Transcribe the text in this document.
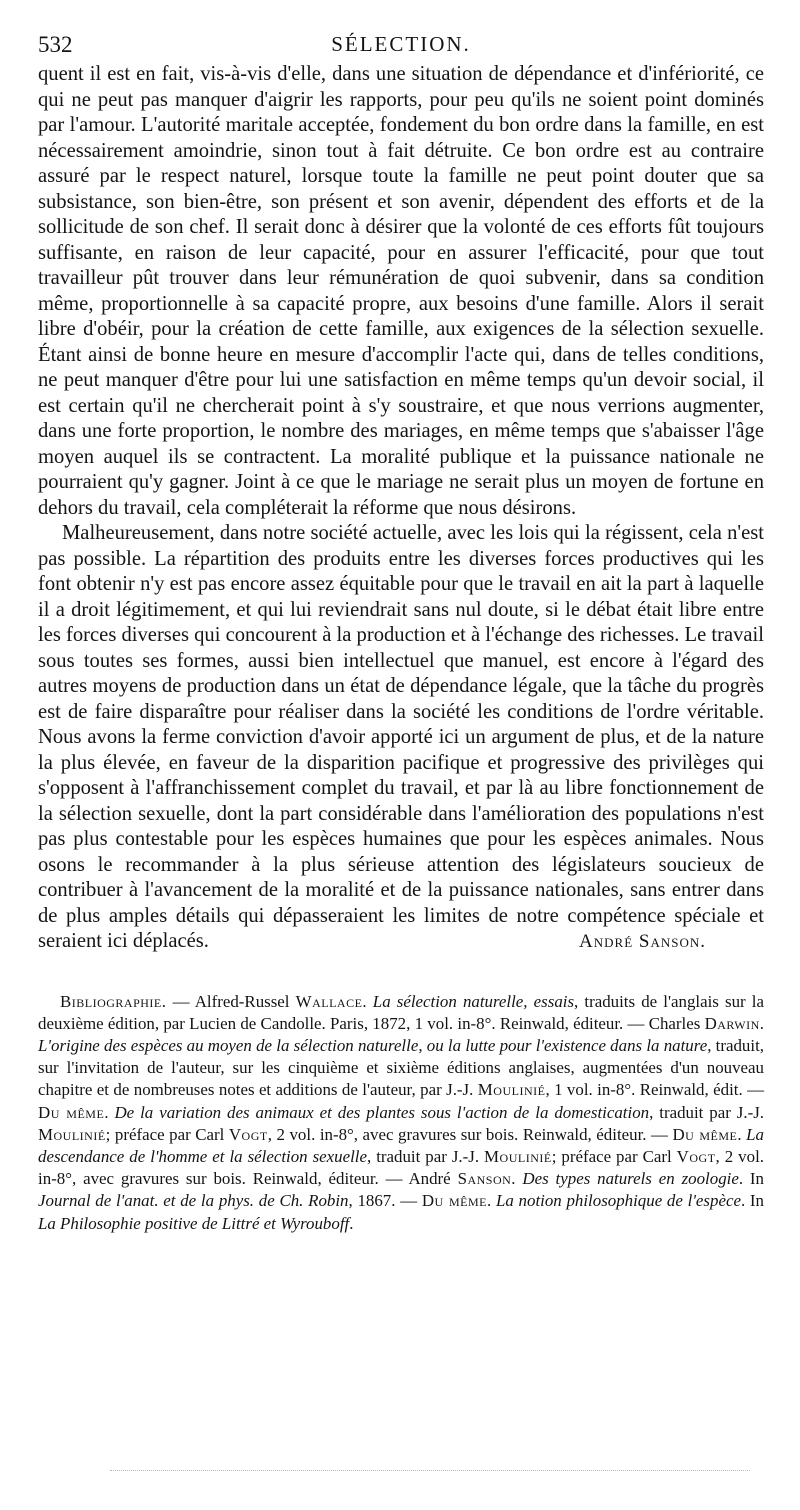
532	SÉLECTION.

quent il est en fait, vis-à-vis d'elle, dans une situation de dépendance et d'infériorité, ce qui ne peut pas manquer d'aigrir les rapports, pour peu qu'ils ne soient point dominés par l'amour. L'autorité maritale acceptée, fondement du bon ordre dans la famille, en est nécessairement amoindrie, sinon tout à fait détruite. Ce bon ordre est au contraire assuré par le respect naturel, lorsque toute la famille ne peut point douter que sa subsistance, son bien-être, son présent et son avenir, dépendent des efforts et de la sollicitude de son chef. Il serait donc à désirer que la volonté de ces efforts fût toujours suffisante, en raison de leur capacité, pour en assurer l'efficacité, pour que tout travailleur pût trouver dans leur rémunération de quoi subvenir, dans sa condition même, proportionnelle à sa capacité propre, aux besoins d'une famille. Alors il serait libre d'obéir, pour la création de cette famille, aux exigences de la sélection sexuelle. Étant ainsi de bonne heure en mesure d'accomplir l'acte qui, dans de telles conditions, ne peut manquer d'être pour lui une satisfaction en même temps qu'un devoir social, il est certain qu'il ne chercherait point à s'y soustraire, et que nous verrions augmenter, dans une forte proportion, le nombre des mariages, en même temps que s'abaisser l'âge moyen auquel ils se contractent. La moralité publique et la puissance nationale ne pourraient qu'y gagner. Joint à ce que le mariage ne serait plus un moyen de fortune en dehors du travail, cela compléterait la réforme que nous désirons.

Malheureusement, dans notre société actuelle, avec les lois qui la régissent, cela n'est pas possible. La répartition des produits entre les diverses forces productives qui les font obtenir n'y est pas encore assez équitable pour que le travail en ait la part à laquelle il a droit légitimement, et qui lui reviendrait sans nul doute, si le débat était libre entre les forces diverses qui concourent à la production et à l'échange des richesses. Le travail sous toutes ses formes, aussi bien intellectuel que manuel, est encore à l'égard des autres moyens de production dans un état de dépendance légale, que la tâche du progrès est de faire disparaître pour réaliser dans la société les conditions de l'ordre véritable. Nous avons la ferme conviction d'avoir apporté ici un argument de plus, et de la nature la plus élevée, en faveur de la disparition pacifique et progressive des privilèges qui s'opposent à l'affranchissement complet du travail, et par là au libre fonctionnement de la sélection sexuelle, dont la part considérable dans l'amélioration des populations n'est pas plus contestable pour les espèces humaines que pour les espèces animales. Nous osons le recommander à la plus sérieuse attention des législateurs soucieux de contribuer à l'avancement de la moralité et de la puissance nationales, sans entrer dans de plus amples détails qui dépasseraient les limites de notre compétence spéciale et seraient ici déplacés.	André Sanson.
Bibliographie. — Alfred-Russel Wallace. La sélection naturelle, essais, traduits de l'anglais sur la deuxième édition, par Lucien de Candolle. Paris, 1872, 1 vol. in-8°. Reinwald, éditeur. — Charles Darwin. L'origine des espèces au moyen de la sélection naturelle, ou la lutte pour l'existence dans la nature, traduit, sur l'invitation de l'auteur, sur les cinquième et sixième éditions anglaises, augmentées d'un nouveau chapitre et de nombreuses notes et additions de l'auteur, par J.-J. Moulinié, 1 vol. in-8°. Reinwald, édit. — Du même. De la variation des animaux et des plantes sous l'action de la domestication, traduit par J.-J. Moulinié; préface par Carl Vogt, 2 vol. in-8°, avec gravures sur bois. Reinwald, éditeur. — Du même. La descendance de l'homme et la sélection sexuelle, traduit par J.-J. Moulinié; préface par Carl Vogt, 2 vol. in-8°, avec gravures sur bois. Reinwald, éditeur. — André Sanson. Des types naturels en zoologie. In Journal de l'anat. et de la phys. de Ch. Robin, 1867. — Du même. La notion philosophique de l'espèce. In La Philosophie positive de Littré et Wyrouboff.
